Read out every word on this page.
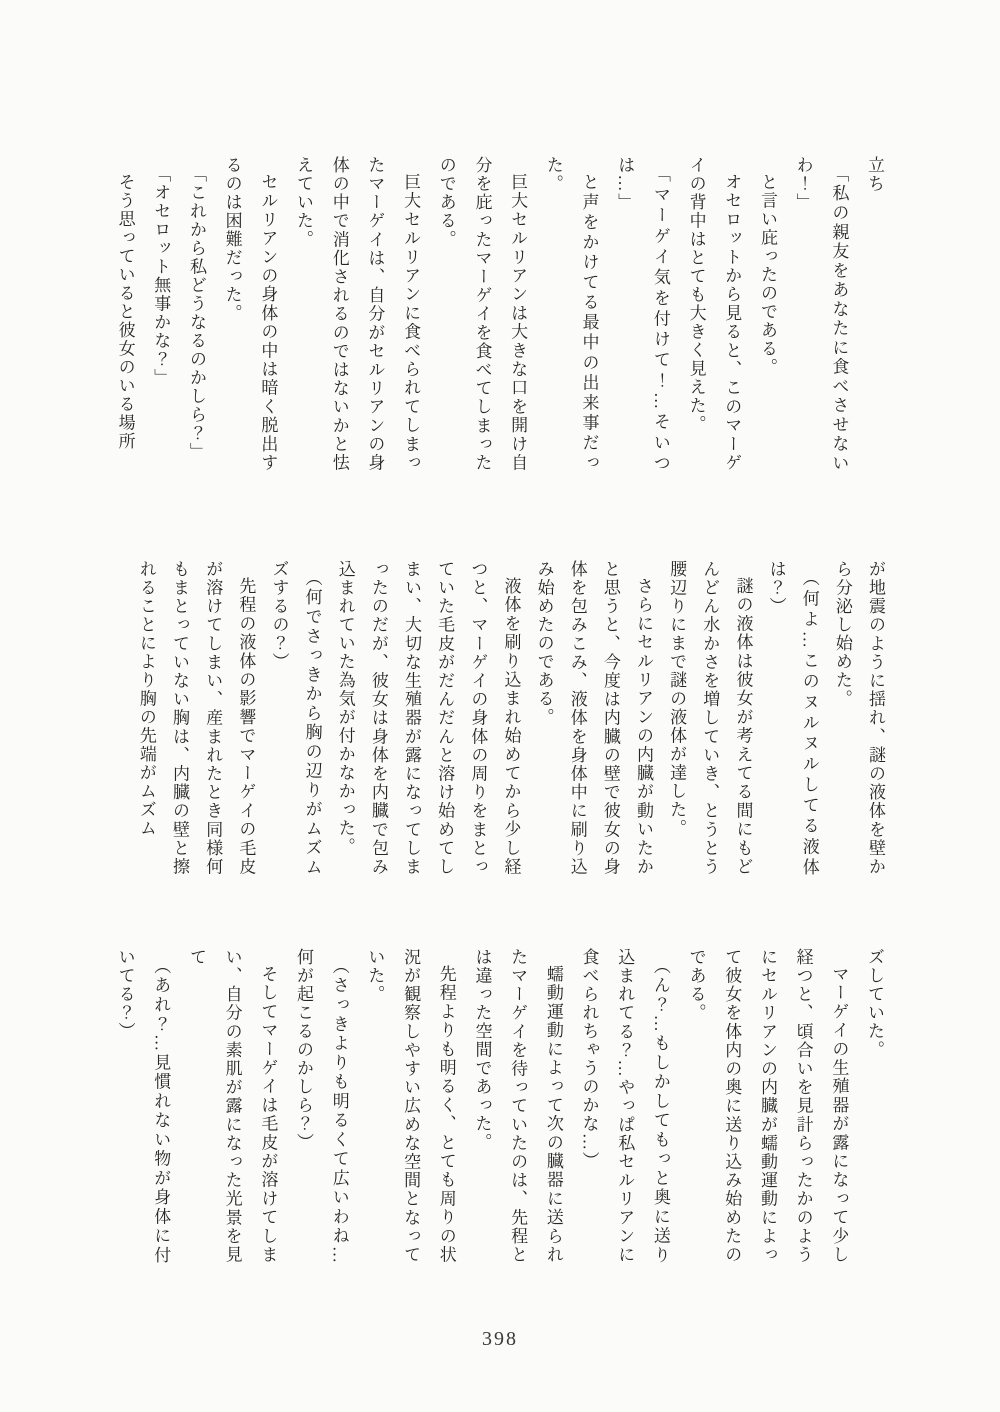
立ち

「私の親友をあなたに食べさせないわ！」

と言い庇ったのである。

オセロットから見ると、このマーゲイの背中はとても大きく見えた。

「マーゲイ気を付けて！…そいつは…」

と声をかけてる最中の出来事だった。

巨大セルリアンは大きな口を開け自分を庇ったマーゲイを食べてしまったのである。

巨大セルリアンに食べられてしまったマーゲイは、自分がセルリアンの身体の中で消化されるのではないかと怯えていた。

セルリアンの身体の中は暗く脱出するのは困難だった。

「これから私どうなるのかしら？」

「オセロット無事かな？」

そう思っていると彼女のいる場所

が地震のように揺れ、謎の液体を壁から分泌し始めた。

（何よ…このヌルヌルしてる液体は？）

謎の液体は彼女が考えてる間にもどんどん水かさを増していき、とうとう腰辺りにまで謎の液体が達した。

さらにセルリアンの内臓が動いたかと思うと、今度は内臓の壁で彼女の身体を包みこみ、液体を身体中に刷り込み始めたのである。

液体を刷り込まれ始めてから少し経つと、マーゲイの身体の周りをまとっていた毛皮がだんだんと溶け始めてしまい、大切な生殖器が露になってしまったのだが、彼女は身体を内臓で包み込まれていた為気が付かなかった。

（何でさっきから胸の辺りがムズムズするの？）

先程の液体の影響でマーゲイの毛皮が溶けてしまい、産まれたとき同様何もまとっていない胸は、内臓の壁と擦れることにより胸の先端がムズム

ズしていた。

マーゲイの生殖器が露になって少し経つと、頃合いを見計らったかのようにセルリアンの内臓が蠕動運動によって彼女を体内の奥に送り込み始めたのである。

（ん？…もしかしてもっと奥に送り込まれてる？…やっぱ私セルリアンに食べられちゃうのかな…）

蠕動運動によって次の臓器に送られたマーゲイを待っていたのは、先程とは違った空間であった。

先程よりも明るく、とても周りの状況が観察しやすい広めな空間となっていた。

（さっきよりも明るくて広いわね…何が起こるのかしら？）

そしてマーゲイは毛皮が溶けてしまい、自分の素肌が露になった光景を見て

（あれ？…見慣れない物が身体に付いてる？）

398
